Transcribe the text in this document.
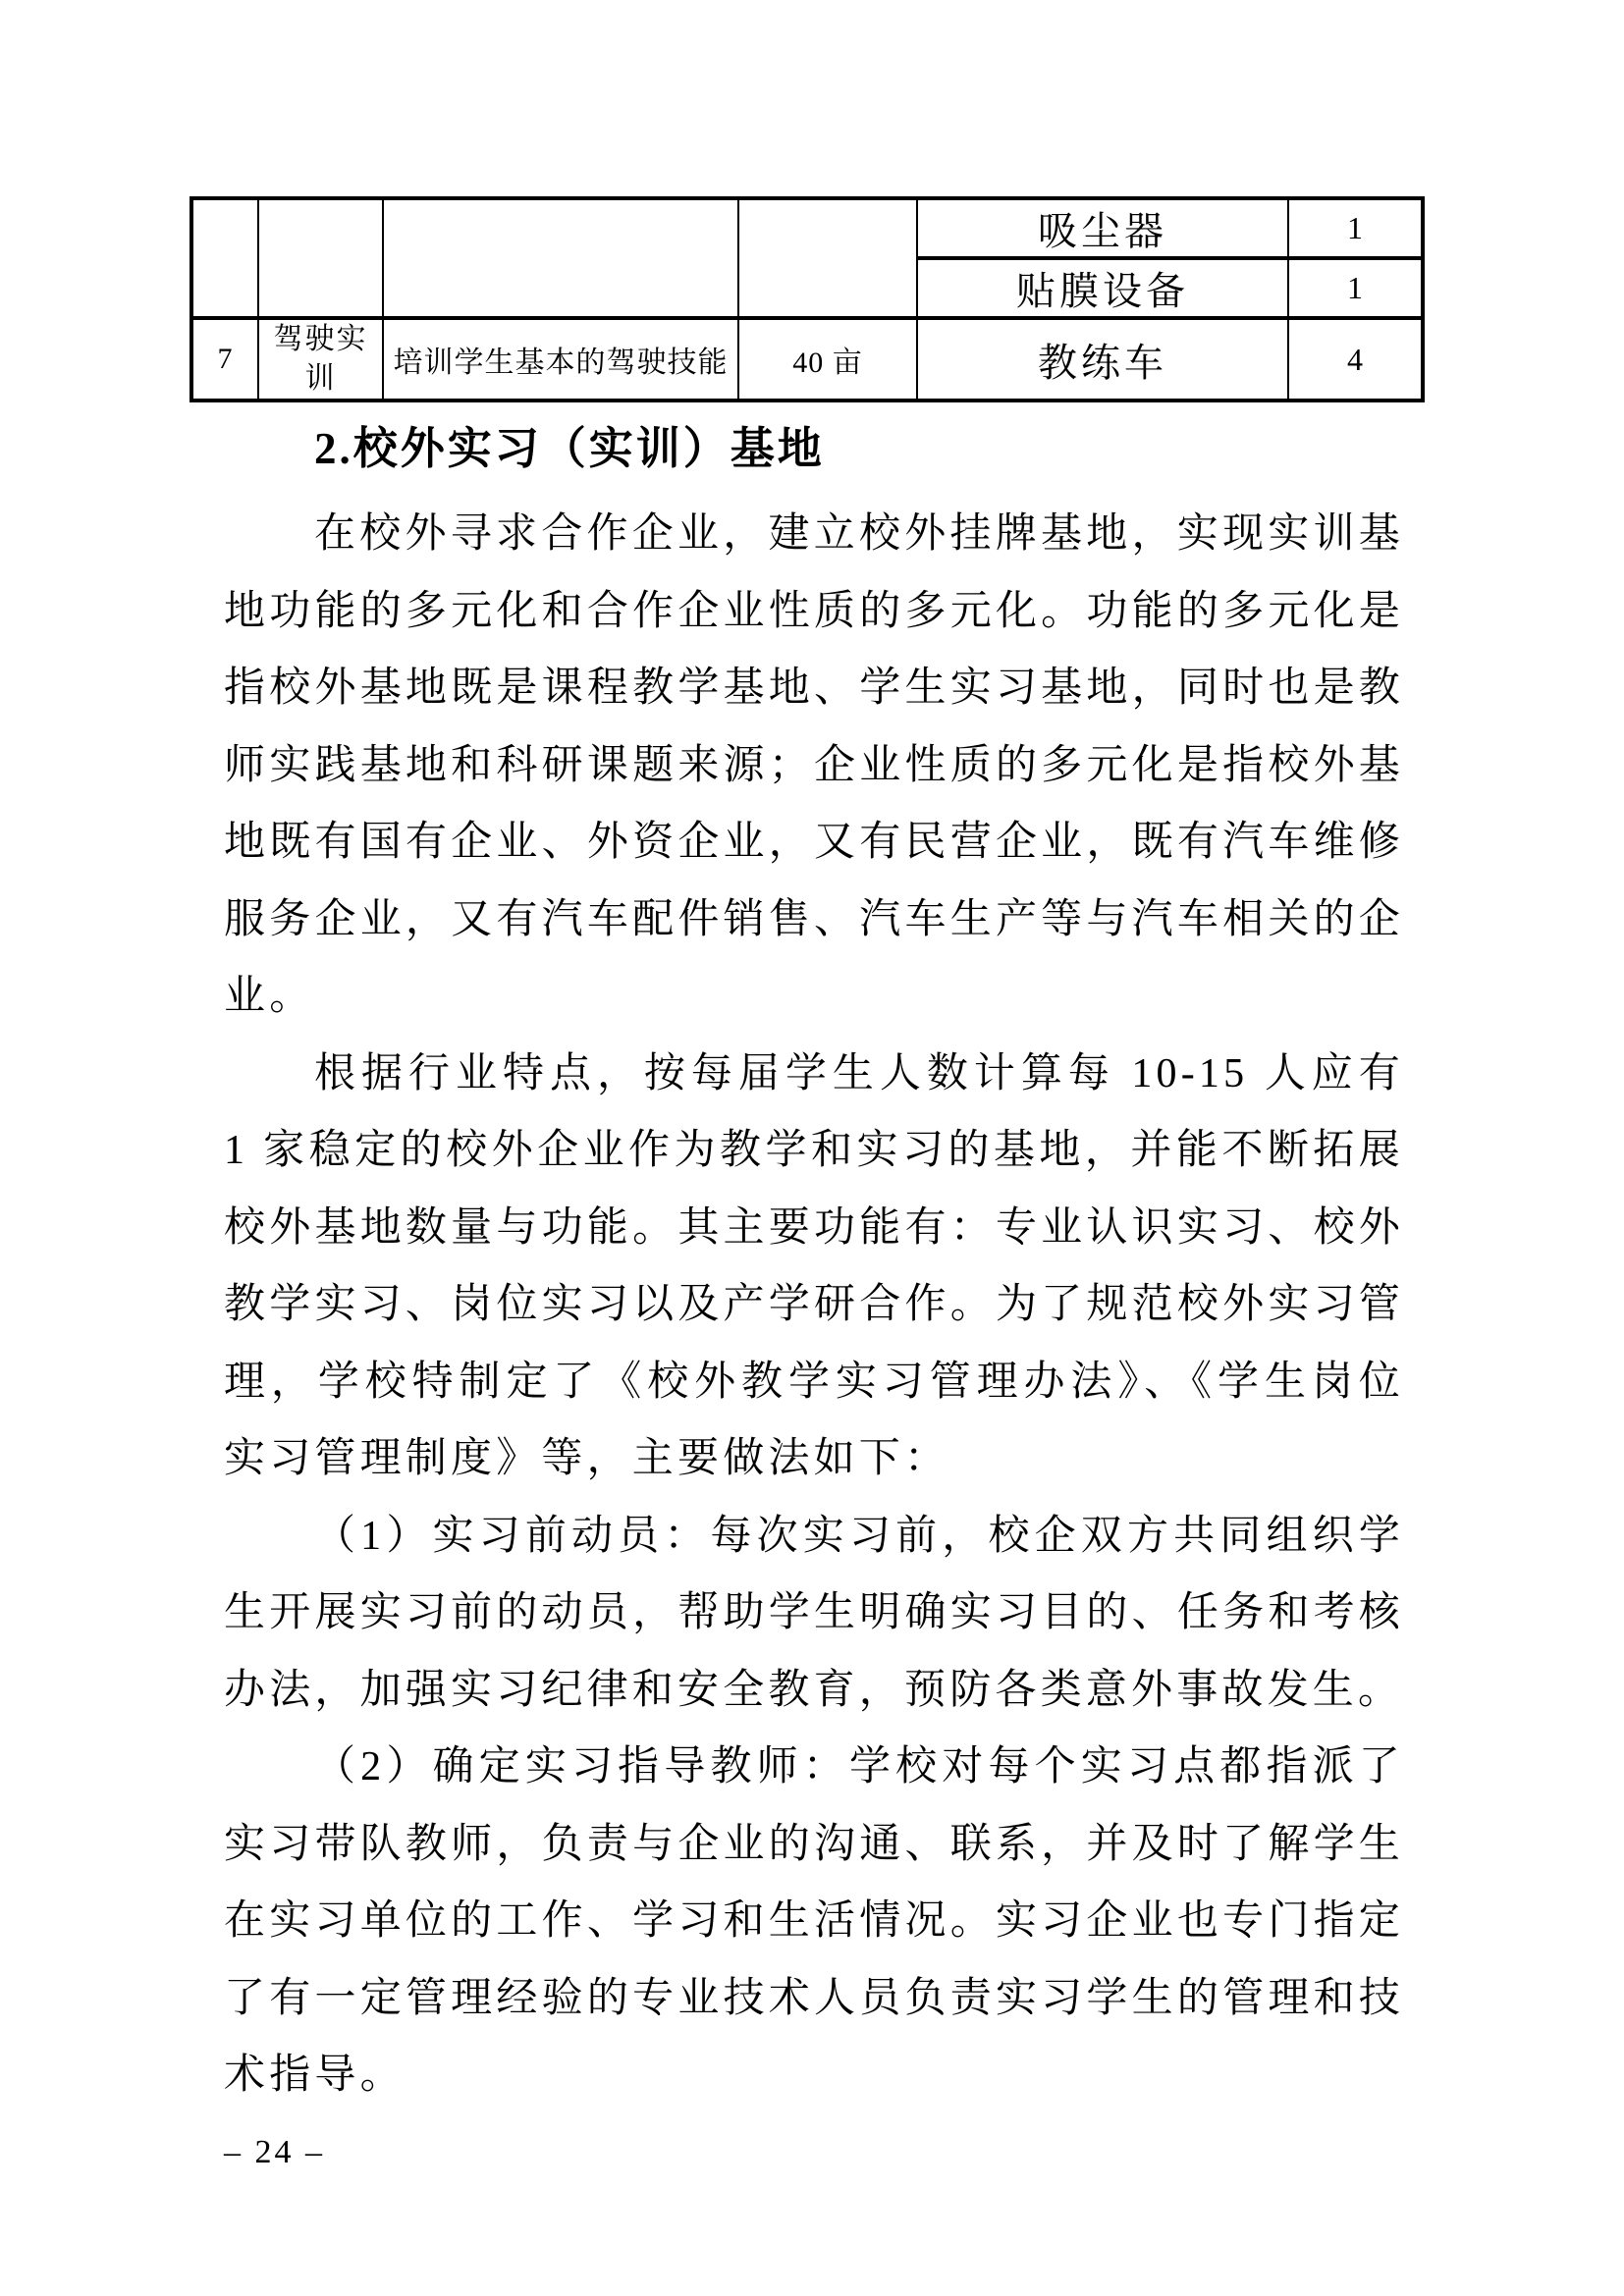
				吸尘器	1
				贴膜设备	1
7	驾驶实训	培训学生基本的驾驶技能	40 亩	教练车	4
2.校外实习（实训）基地

在校外寻求合作企业，建立校外挂牌基地，实现实训基地功能的多元化和合作企业性质的多元化。功能的多元化是指校外基地既是课程教学基地、学生实习基地，同时也是教师实践基地和科研课题来源；企业性质的多元化是指校外基地既有国有企业、外资企业，又有民营企业，既有汽车维修服务企业，又有汽车配件销售、汽车生产等与汽车相关的企业。

根据行业特点，按每届学生人数计算每 10-15 人应有 1 家稳定的校外企业作为教学和实习的基地，并能不断拓展校外基地数量与功能。其主要功能有：专业认识实习、校外教学实习、岗位实习以及产学研合作。为了规范校外实习管理，学校特制定了《校外教学实习管理办法》、《学生岗位实习管理制度》等，主要做法如下：

（1）实习前动员：每次实习前，校企双方共同组织学生开展实习前的动员，帮助学生明确实习目的、任务和考核办法，加强实习纪律和安全教育，预防各类意外事故发生。

（2）确定实习指导教师：学校对每个实习点都指派了实习带队教师，负责与企业的沟通、联系，并及时了解学生在实习单位的工作、学习和生活情况。实习企业也专门指定了有一定管理经验的专业技术人员负责实习学生的管理和技术指导。

– 24 –
